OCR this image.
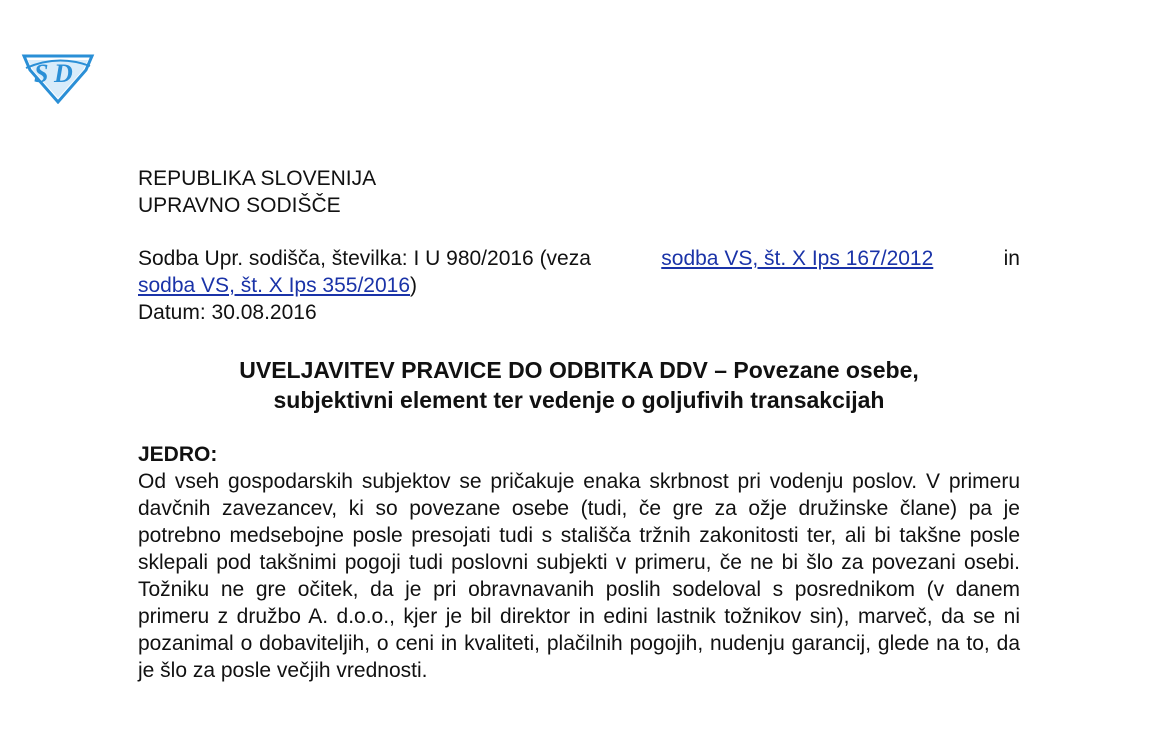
S D
REPUBLIKA SLOVENIJA
UPRAVNO SODIŠČE
Sodba Upr. sodišča, številka: I U 980/2016 (veza	sodba VS, št. X Ips 167/2012	in
sodba VS, št. X Ips 355/2016)
Datum: 30.08.2016
UVELJAVITEV PRAVICE DO ODBITKA DDV – Povezane osebe,
subjektivni element ter vedenje o goljufivih transakcijah
JEDRO:

Od vseh gospodarskih subjektov se pričakuje enaka skrbnost pri vodenju poslov. V primeru davčnih zavezancev, ki so povezane osebe (tudi, če gre za ožje družinske člane) pa je potrebno medsebojne posle presojati tudi s stališča tržnih zakonitosti ter, ali bi takšne posle sklepali pod takšnimi pogoji tudi poslovni subjekti v primeru, če ne bi šlo za povezani osebi. Tožniku ne gre očitek, da je pri obravnavanih poslih sodeloval s posrednikom (v danem primeru z družbo A. d.o.o., kjer je bil direktor in edini lastnik tožnikov sin), marveč, da se ni pozanimal o dobaviteljih, o ceni in kvaliteti, plačilnih pogojih, nudenju garancij, glede na to, da je šlo za posle večjih vrednosti.
